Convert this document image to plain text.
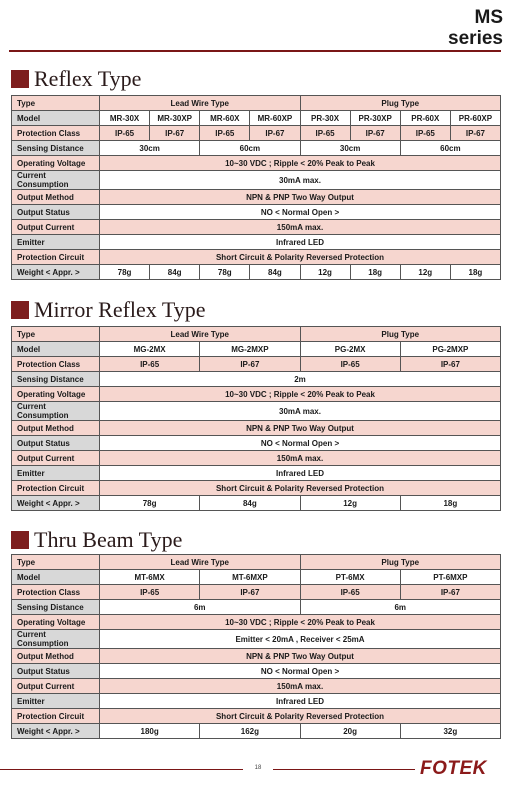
MS
series
Reflex Type
Type	Lead Wire Type				Plug Type			
Model	MR-30X	MR-30XP	MR-60X	MR-60XP	PR-30X	PR-30XP	PR-60X	PR-60XP
Protection Class	IP-65	IP-67	IP-65	IP-67	IP-65	IP-67	IP-65	IP-67
Sensing Distance	30cm		60cm		30cm		60cm	
Operating Voltage	10~30 VDC ; Ripple < 20% Peak to Peak							
Current Consumption	30mA max.							
Output Method	NPN & PNP Two Way Output							
Output Status	NO < Normal Open >							
Output Current	150mA max.							
Emitter	Infrared LED							
Protection Circuit	Short Circuit & Polarity Reversed Protection							
Weight < Appr. >	78g	84g	78g	84g	12g	18g	12g	18g
Mirror Reflex Type
Type	Lead Wire Type		Plug Type	
Model	MG-2MX	MG-2MXP	PG-2MX	PG-2MXP
Protection Class	IP-65	IP-67	IP-65	IP-67
Sensing Distance	2m			
Operating Voltage	10~30 VDC ; Ripple < 20% Peak to Peak			
Current Consumption	30mA max.			
Output Method	NPN & PNP Two Way Output			
Output Status	NO < Normal Open >			
Output Current	150mA max.			
Emitter	Infrared LED			
Protection Circuit	Short Circuit & Polarity Reversed Protection			
Weight < Appr. >	78g	84g	12g	18g
Thru Beam Type
Type	Lead Wire Type		Plug Type	
Model	MT-6MX	MT-6MXP	PT-6MX	PT-6MXP
Protection Class	IP-65	IP-67	IP-65	IP-67
Sensing Distance	6m		6m	
Operating Voltage	10~30 VDC ; Ripple < 20% Peak to Peak			
Current Consumption	Emitter < 20mA , Receiver < 25mA			
Output Method	NPN & PNP Two Way Output			
Output Status	NO < Normal Open >			
Output Current	150mA max.			
Emitter	Infrared LED			
Protection Circuit	Short Circuit & Polarity Reversed Protection			
Weight < Appr. >	180g	162g	20g	32g
18	FOTEK
